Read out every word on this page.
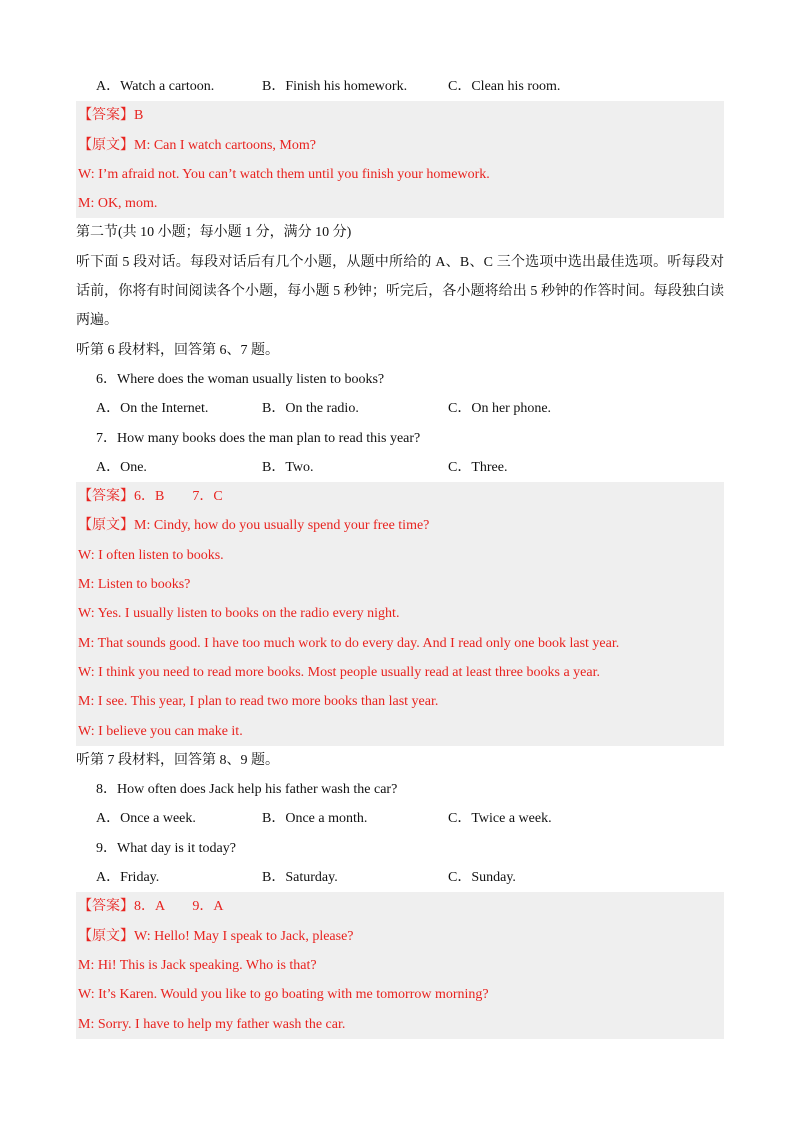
A．Watch a cartoon.	B．Finish his homework.	C．Clean his room.
【答案】B
【原文】M: Can I watch cartoons, Mom?
W: I’m afraid not. You can’t watch them until you finish your homework.
M: OK, mom.
第二节(共 10 小题；每小题 1 分，满分 10 分)
听下面 5 段对话。每段对话后有几个小题，从题中所给的 A、B、C 三个选项中选出最佳选项。听每段对话前，你将有时间阅读各个小题，每小题 5 秒钟；听完后，各小题将给出 5 秒钟的作答时间。每段独白读两遍。
听第 6 段材料，回答第 6、7 题。
6．Where does the woman usually listen to books?
A．On the Internet.	B．On the radio.	C．On her phone.
7．How many books does the man plan to read this year?
A．One.	B．Two.	C．Three.
【答案】6．B　　7．C
【原文】M: Cindy, how do you usually spend your free time?
W: I often listen to books.
M: Listen to books?
W: Yes. I usually listen to books on the radio every night.
M: That sounds good. I have too much work to do every day. And I read only one book last year.
W: I think you need to read more books. Most people usually read at least three books a year.
M: I see. This year, I plan to read two more books than last year.
W: I believe you can make it.
听第 7 段材料，回答第 8、9 题。
8．How often does Jack help his father wash the car?
A．Once a week.	B．Once a month.	C．Twice a week.
9．What day is it today?
A．Friday.	B．Saturday.	C．Sunday.
【答案】8．A　　9．A
【原文】W: Hello! May I speak to Jack, please?
M: Hi! This is Jack speaking. Who is that?
W: It’s Karen. Would you like to go boating with me tomorrow morning?
M: Sorry. I have to help my father wash the car.
